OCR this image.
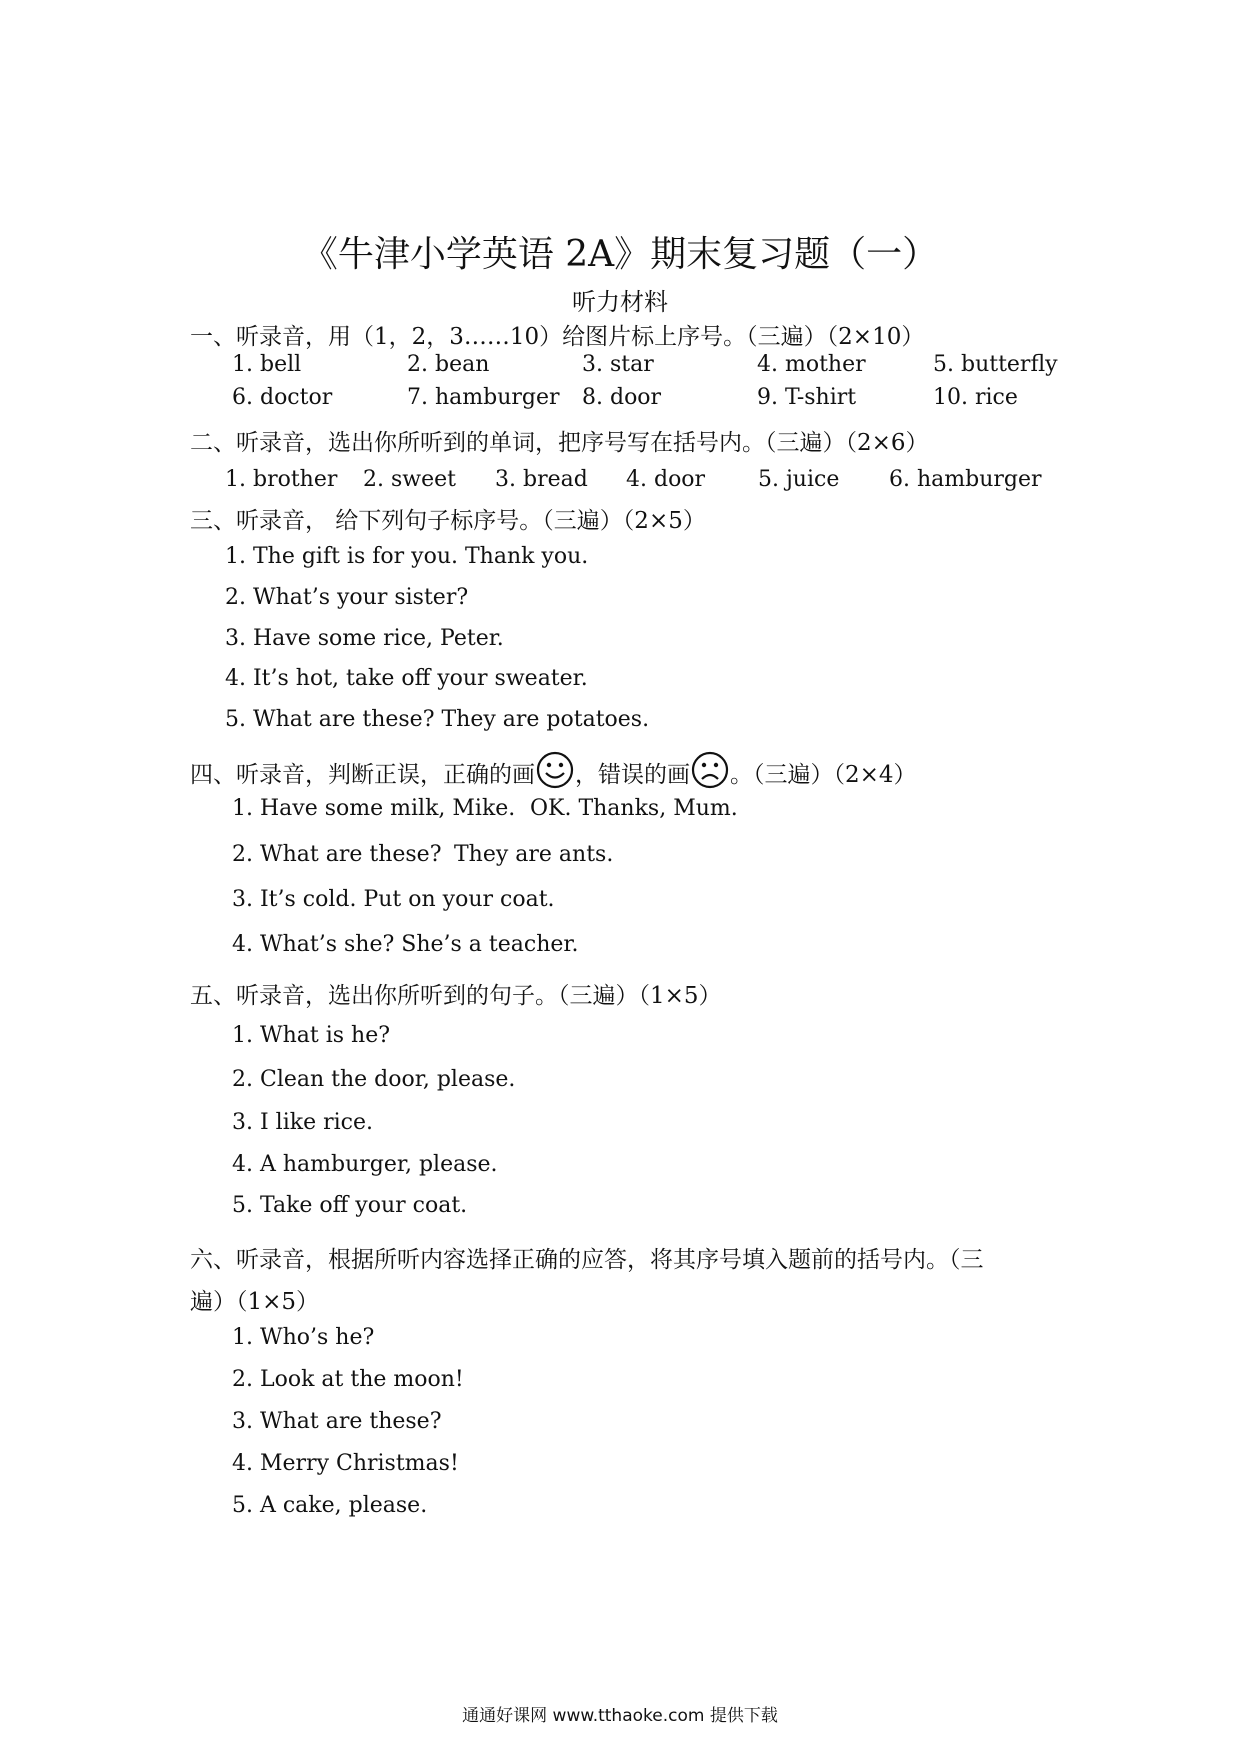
《牛津小学英语 2A》期末复习题（一）
听力材料
一、听录音，用（1，2，3……10）给图片标上序号。（三遍）（2×10）
1. bell	2. bean	3. star	4. mother	5. butterfly
6. doctor	7. hamburger 8. door	9. T-shirt	10. rice
二、听录音，选出你所听到的单词，把序号写在括号内。（三遍）（2×6）
1. brother 2. sweet 3. bread 4. door 5. juice 6. hamburger
三、听录音， 给下列句子标序号。（三遍）（2×5）
1. The gift is for you. Thank you.
2. What’s your sister?
3. Have some rice, Peter.
4. It’s hot, take off your sweater.
5. What are these? They are potatoes.
四、听录音，判断正误，正确的画 ，错误的画 。（三遍）（2×4）
1. Have some milk, Mike. OK. Thanks, Mum.
2. What are these? They are ants.
3. It’s cold. Put on your coat.
4. What’s she? She’s a teacher.
五、听录音，选出你所听到的句子。（三遍）（1×5）
1. What is he?
2. Clean the door, please.
3. I like rice.
4. A hamburger, please.
5. Take off your coat.
六、听录音，根据所听内容选择正确的应答，将其序号填入题前的括号内。（三
遍）（1×5）
1. Who’s he?
2. Look at the moon!
3. What are these?
4. Merry Christmas!
5. A cake, please.
通通好课网 www.tthaoke.com 提供下载
